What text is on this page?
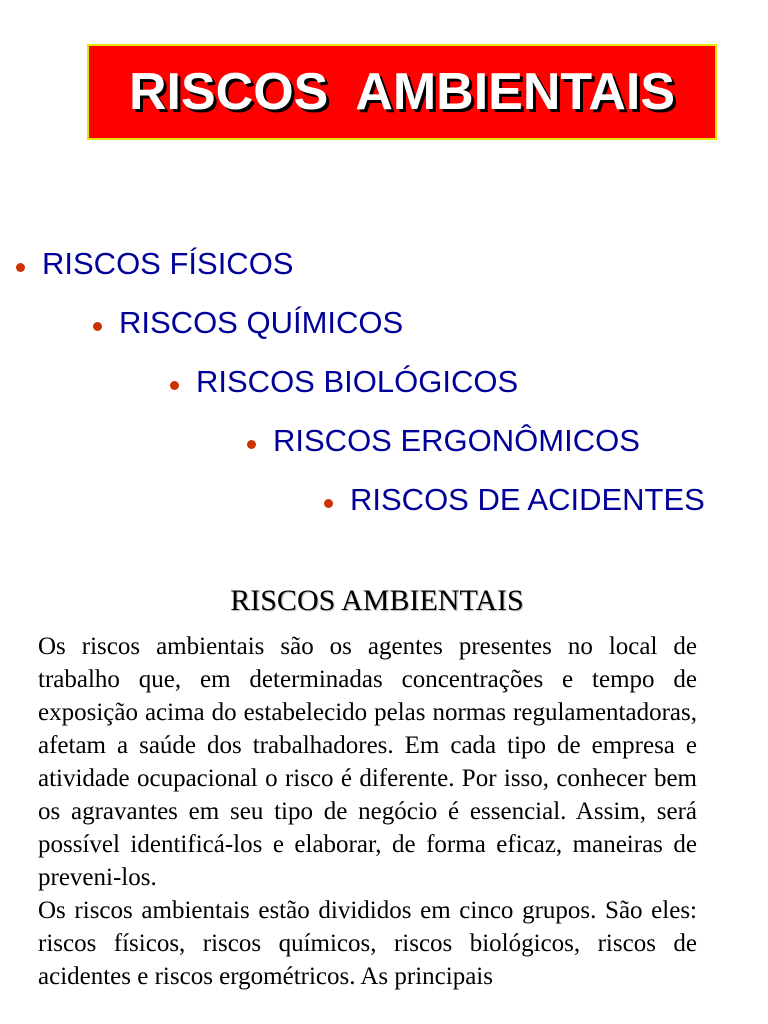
RISCOS  AMBIENTAIS
RISCOS FÍSICOS
RISCOS QUÍMICOS
RISCOS BIOLÓGICOS
RISCOS ERGONÔMICOS
RISCOS DE ACIDENTES
RISCOS AMBIENTAIS

Os riscos ambientais são os agentes presentes no local de trabalho que, em determinadas concentrações e tempo de exposição acima do estabelecido pelas normas regulamentadoras, afetam a saúde dos trabalhadores. Em cada tipo de empresa e atividade ocupacional o risco é diferente. Por isso, conhecer bem os agravantes em seu tipo de negócio é essencial. Assim, será possível identificá-los e elaborar, de forma eficaz, maneiras de preveni-los.

Os riscos ambientais estão divididos em cinco grupos. São eles: riscos físicos, riscos químicos, riscos biológicos, riscos de acidentes e riscos ergométricos. As principais
